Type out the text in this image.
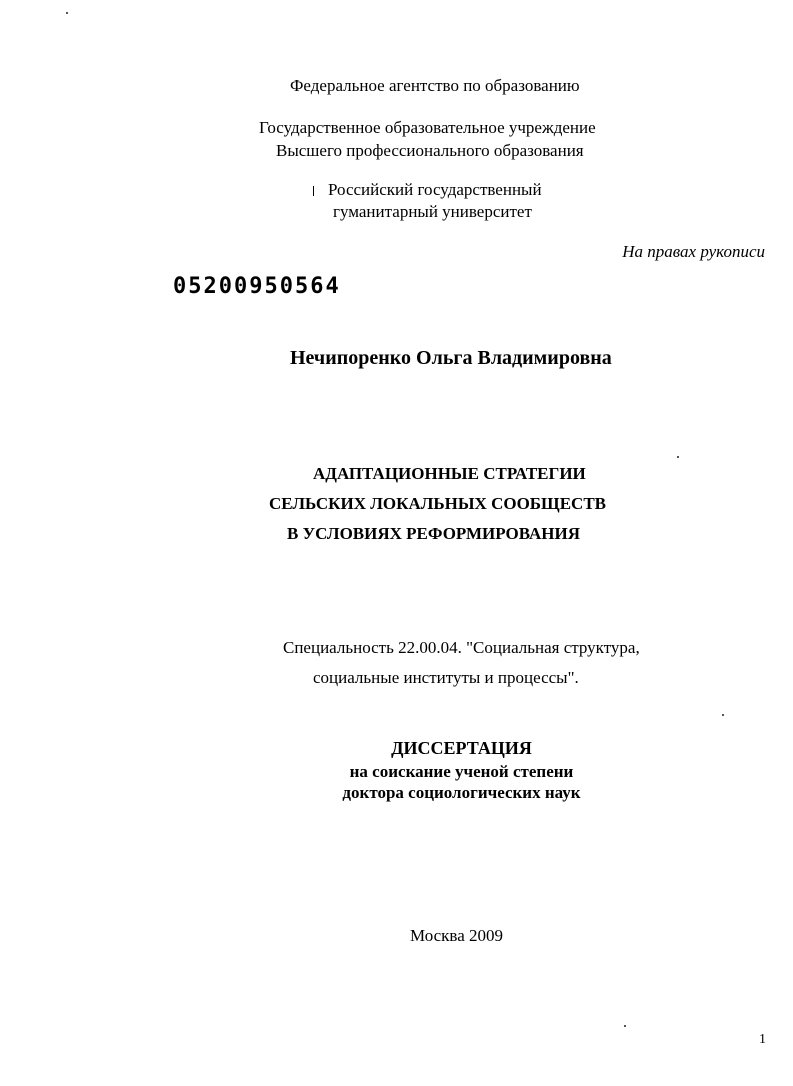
Федеральное агентство по образованию
Государственное образовательное учреждение
Высшего профессионального образования
Российский государственный
гуманитарный университет
На правах рукописи
05200950564
Нечипоренко Ольга Владимировна
АДАПТАЦИОННЫЕ СТРАТЕГИИ
СЕЛЬСКИХ ЛОКАЛЬНЫХ СООБЩЕСТВ
В УСЛОВИЯХ РЕФОРМИРОВАНИЯ
Специальность 22.00.04. "Социальная структура,
социальные институты и процессы".
ДИССЕРТАЦИЯ
на соискание ученой степени
доктора социологических наук
Москва 2009
1
